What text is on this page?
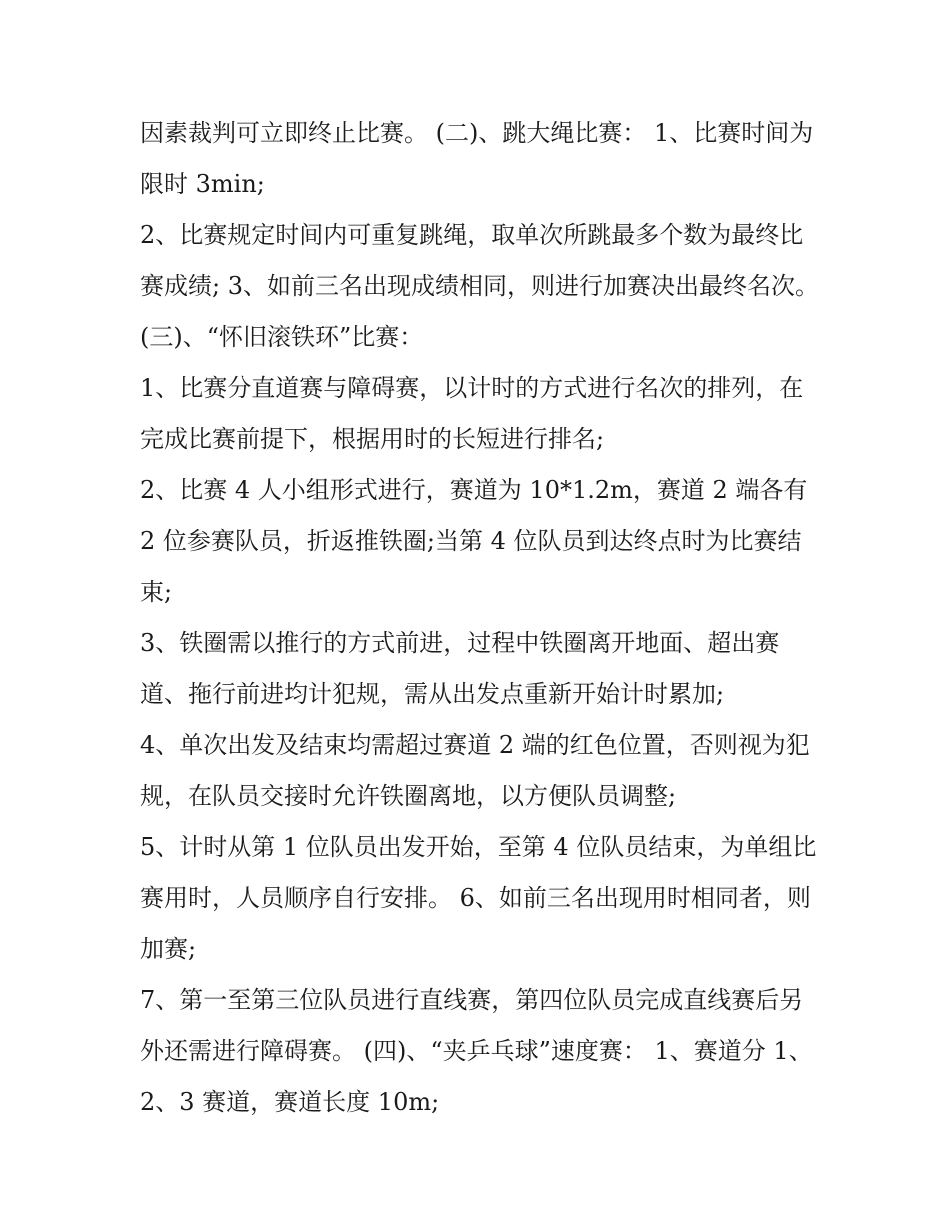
因素裁判可立即终止比赛。 (二)、跳大绳比赛： 1、比赛时间为限时 3min;

2、比赛规定时间内可重复跳绳，取单次所跳最多个数为最终比赛成绩; 3、如前三名出现成绩相同，则进行加赛决出最终名次。 (三)、“怀旧滚铁环”比赛：

1、比赛分直道赛与障碍赛，以计时的方式进行名次的排列，在完成比赛前提下，根据用时的长短进行排名;

2、比赛 4 人小组形式进行，赛道为 10*1.2m，赛道 2 端各有 2 位参赛队员，折返推铁圈;当第 4 位队员到达终点时为比赛结束;

3、铁圈需以推行的方式前进，过程中铁圈离开地面、超出赛道、拖行前进均计犯规，需从出发点重新开始计时累加;

4、单次出发及结束均需超过赛道 2 端的红色位置，否则视为犯规，在队员交接时允许铁圈离地，以方便队员调整;

5、计时从第 1 位队员出发开始，至第 4 位队员结束，为单组比赛用时，人员顺序自行安排。 6、如前三名出现用时相同者，则加赛;

7、第一至第三位队员进行直线赛，第四位队员完成直线赛后另外还需进行障碍赛。 (四)、“夹乒乓球”速度赛： 1、赛道分 1、2、3 赛道，赛道长度 10m;
